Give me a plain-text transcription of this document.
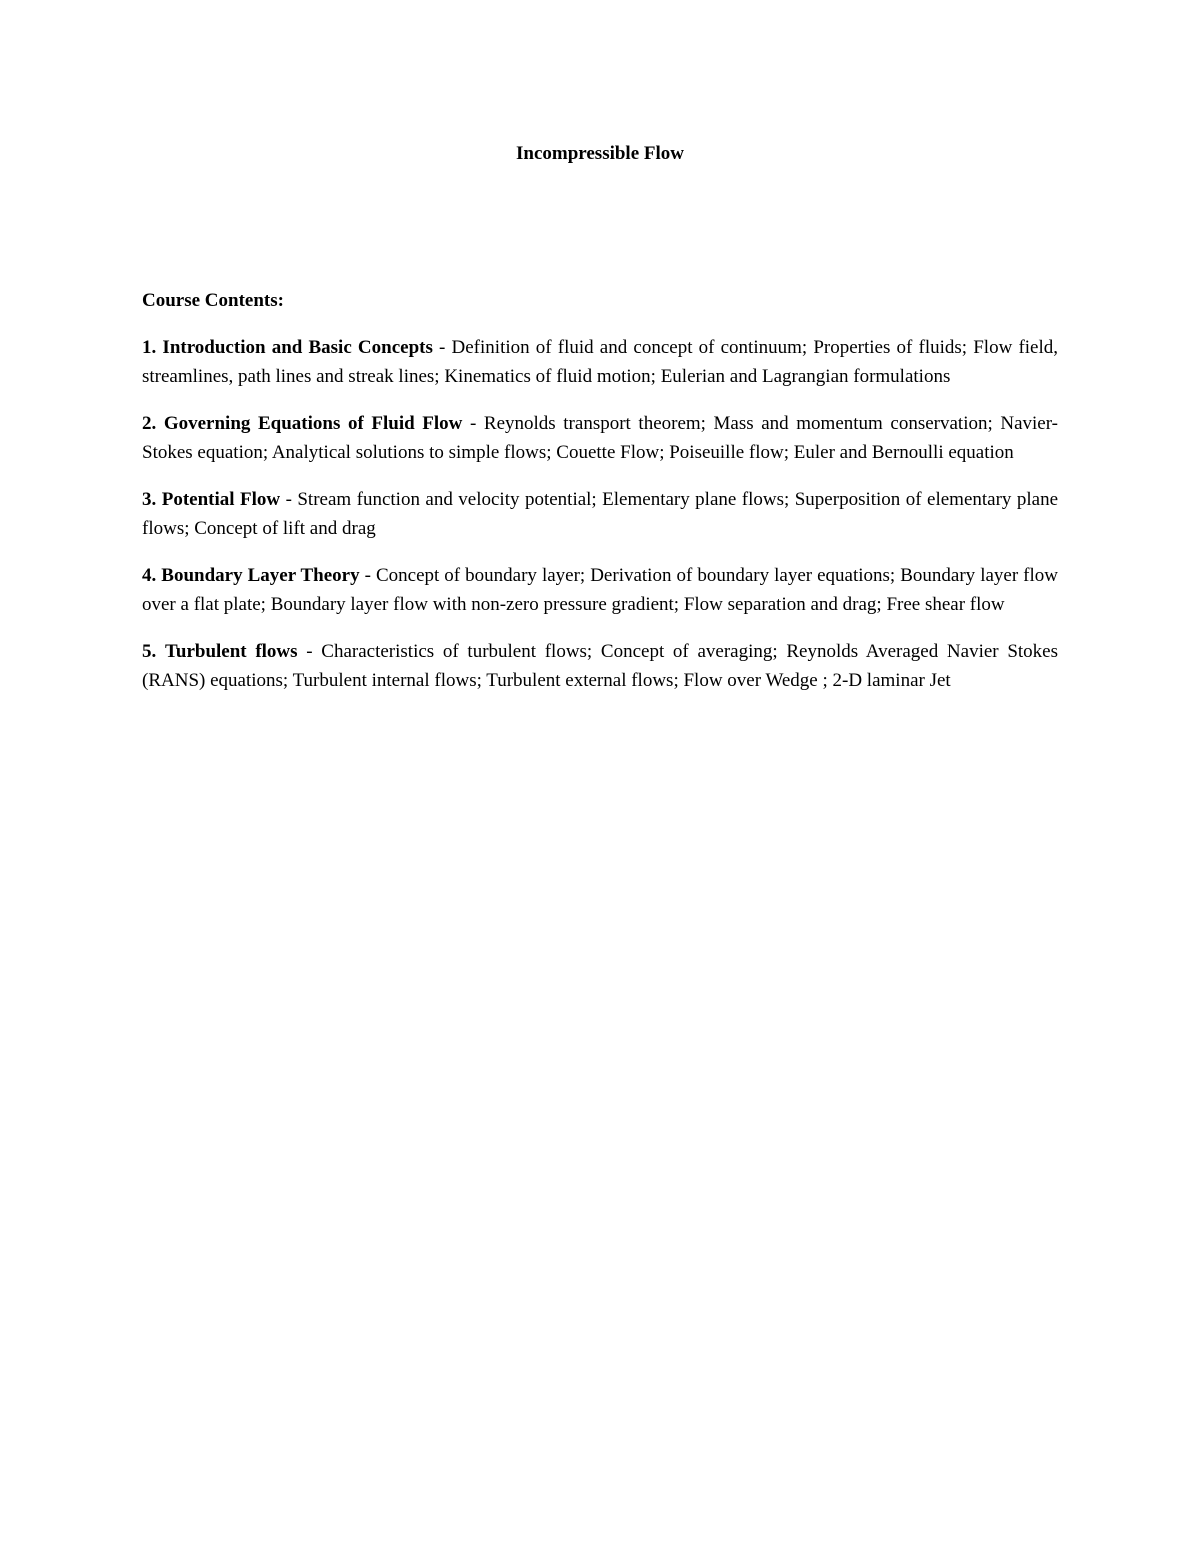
Incompressible Flow
Course Contents:

1. Introduction and Basic Concepts - Definition of fluid and concept of continuum; Properties of fluids; Flow field, streamlines, path lines and streak lines; Kinematics of fluid motion; Eulerian and Lagrangian formulations

2. Governing Equations of Fluid Flow - Reynolds transport theorem; Mass and momentum conservation; Navier-Stokes equation; Analytical solutions to simple flows; Couette Flow; Poiseuille flow; Euler and Bernoulli equation

3. Potential Flow - Stream function and velocity potential; Elementary plane flows; Superposition of elementary plane flows; Concept of lift and drag

4. Boundary Layer Theory - Concept of boundary layer; Derivation of boundary layer equations; Boundary layer flow over a flat plate; Boundary layer flow with non-zero pressure gradient; Flow separation and drag; Free shear flow

5. Turbulent flows - Characteristics of turbulent flows; Concept of averaging; Reynolds Averaged Navier Stokes (RANS) equations; Turbulent internal flows; Turbulent external flows; Flow over Wedge ; 2-D laminar Jet
